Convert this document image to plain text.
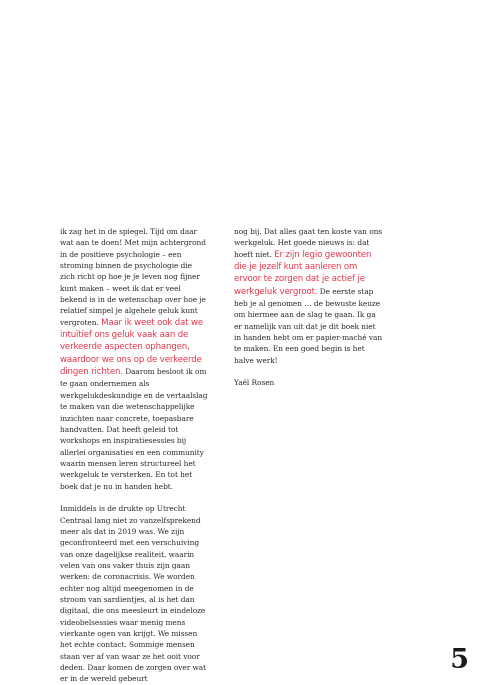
ik zag het in de spiegel. Tijd om daar wat aan te doen! Met mijn achtergrond in de positieve psychologie – een stroming binnen de psychologie die zich richt op hoe je je leven nog fijner kunt maken – weet ik dat er veel bekend is in de wetenschap over hoe je relatief simpel je algehele geluk kunt vergroten. Maar ik weet ook dat we intuïtief ons geluk vaak aan de verkeerde aspecten ophangen, waardoor we ons op de verkeerde dingen richten. Daarom besloot ik om te gaan ondernemen als werkgelukdeskundige en de vertaalslag te maken van die wetenschappelijke inzichten naar concrete, toepasbare handvatten. Dat heeft geleid tot workshops en inspiratiesessies bij allerlei organisaties en een community waarin mensen leren structureel het werkgeluk te versterken. En tot het boek dat je nu in handen hebt.

Inmiddels is de drukte op Utrecht Centraal lang niet zo vanzelfsprekend meer als dat in 2019 was. We zijn geconfronteerd met een verschuiving van onze dagelijkse realiteit, waarin velen van ons vaker thuis zijn gaan werken: de coronacrisis. We worden echter nog altijd meegenomen in de stroom van sardientjes, al is het dan digitaal, die ons meesleurt in eindeloze videobelsessies waar menig mens vierkante ogen van krijgt. We missen het echte contact. Sommige mensen staan ver af van waar ze het ooit voor deden. Daar komen de zorgen over wat er in de wereld gebeurt

nog bij. Dat alles gaat ten koste van ons werkgeluk. Het goede nieuws is: dat hoeft niet. Er zijn legio gewoonten die je jezelf kunt aanleren om ervoor te zorgen dat je actief je werkgeluk vergroot. De eerste stap heb je al genomen … de bewuste keuze om hiermee aan de slag te gaan. Ik ga er namelijk van uit dat je dit boek niet in handen hebt om er papier-maché van te maken. En een goed begin is het halve werk!

Yaël Rosen

5
